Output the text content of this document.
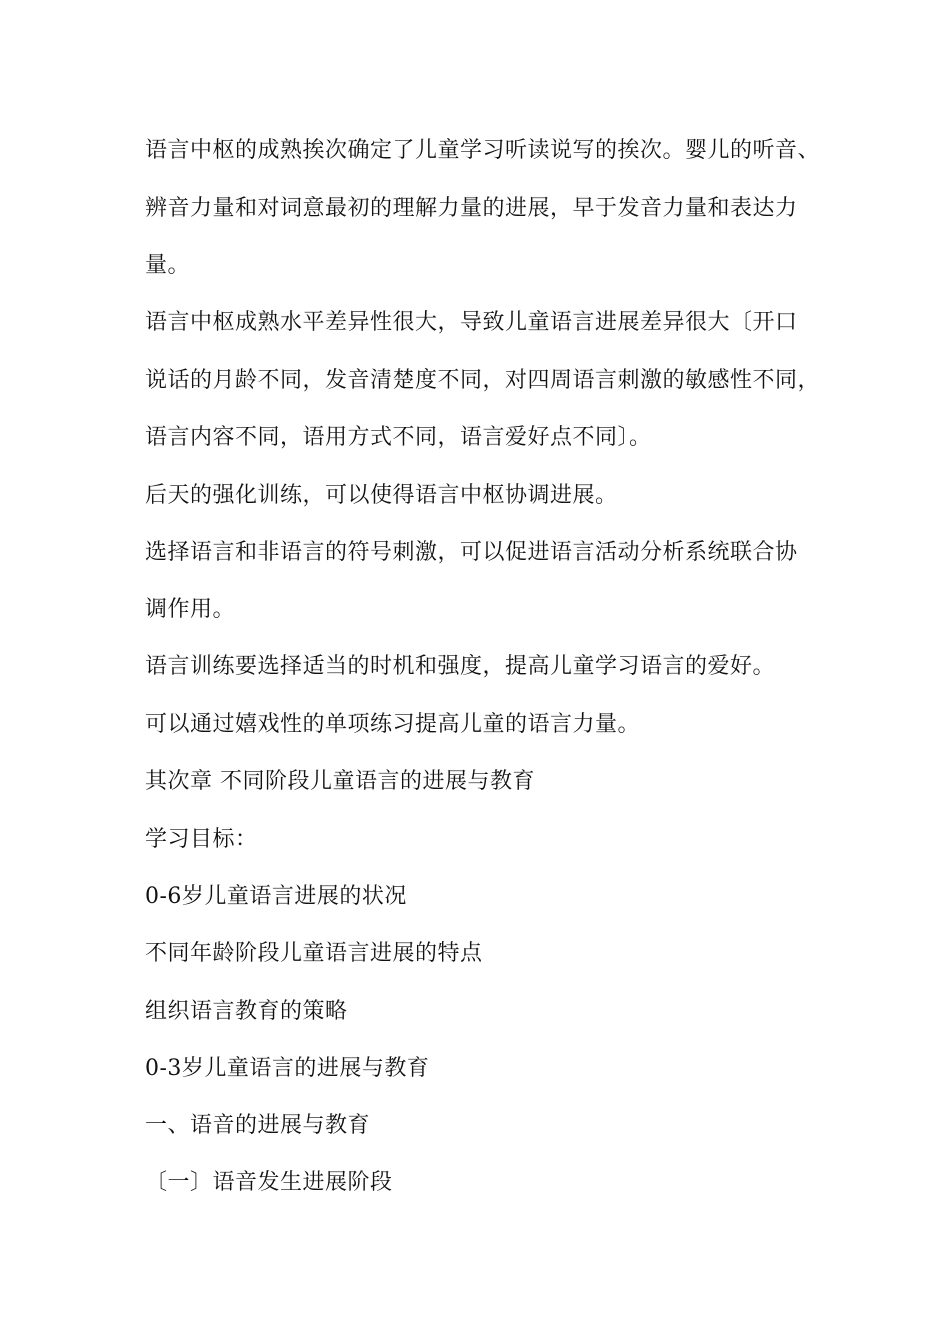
语言中枢的成熟挨次确定了儿童学习听读说写的挨次。婴儿的听音、
辨音力量和对词意最初的理解力量的进展，早于发音力量和表达力
量。
语言中枢成熟水平差异性很大，导致儿童语言进展差异很大〔开口
说话的月龄不同，发音清楚度不同，对四周语言刺激的敏感性不同，
语言内容不同，语用方式不同，语言爱好点不同〕。
后天的强化训练，可以使得语言中枢协调进展。
选择语言和非语言的符号刺激，可以促进语言活动分析系统联合协
调作用。
语言训练要选择适当的时机和强度，提高儿童学习语言的爱好。
可以通过嬉戏性的单项练习提高儿童的语言力量。
其次章 不同阶段儿童语言的进展与教育
学习目标：
0-6岁儿童语言进展的状况
不同年龄阶段儿童语言进展的特点
组织语言教育的策略
0-3岁儿童语言的进展与教育
一、语音的进展与教育
〔一〕语音发生进展阶段
